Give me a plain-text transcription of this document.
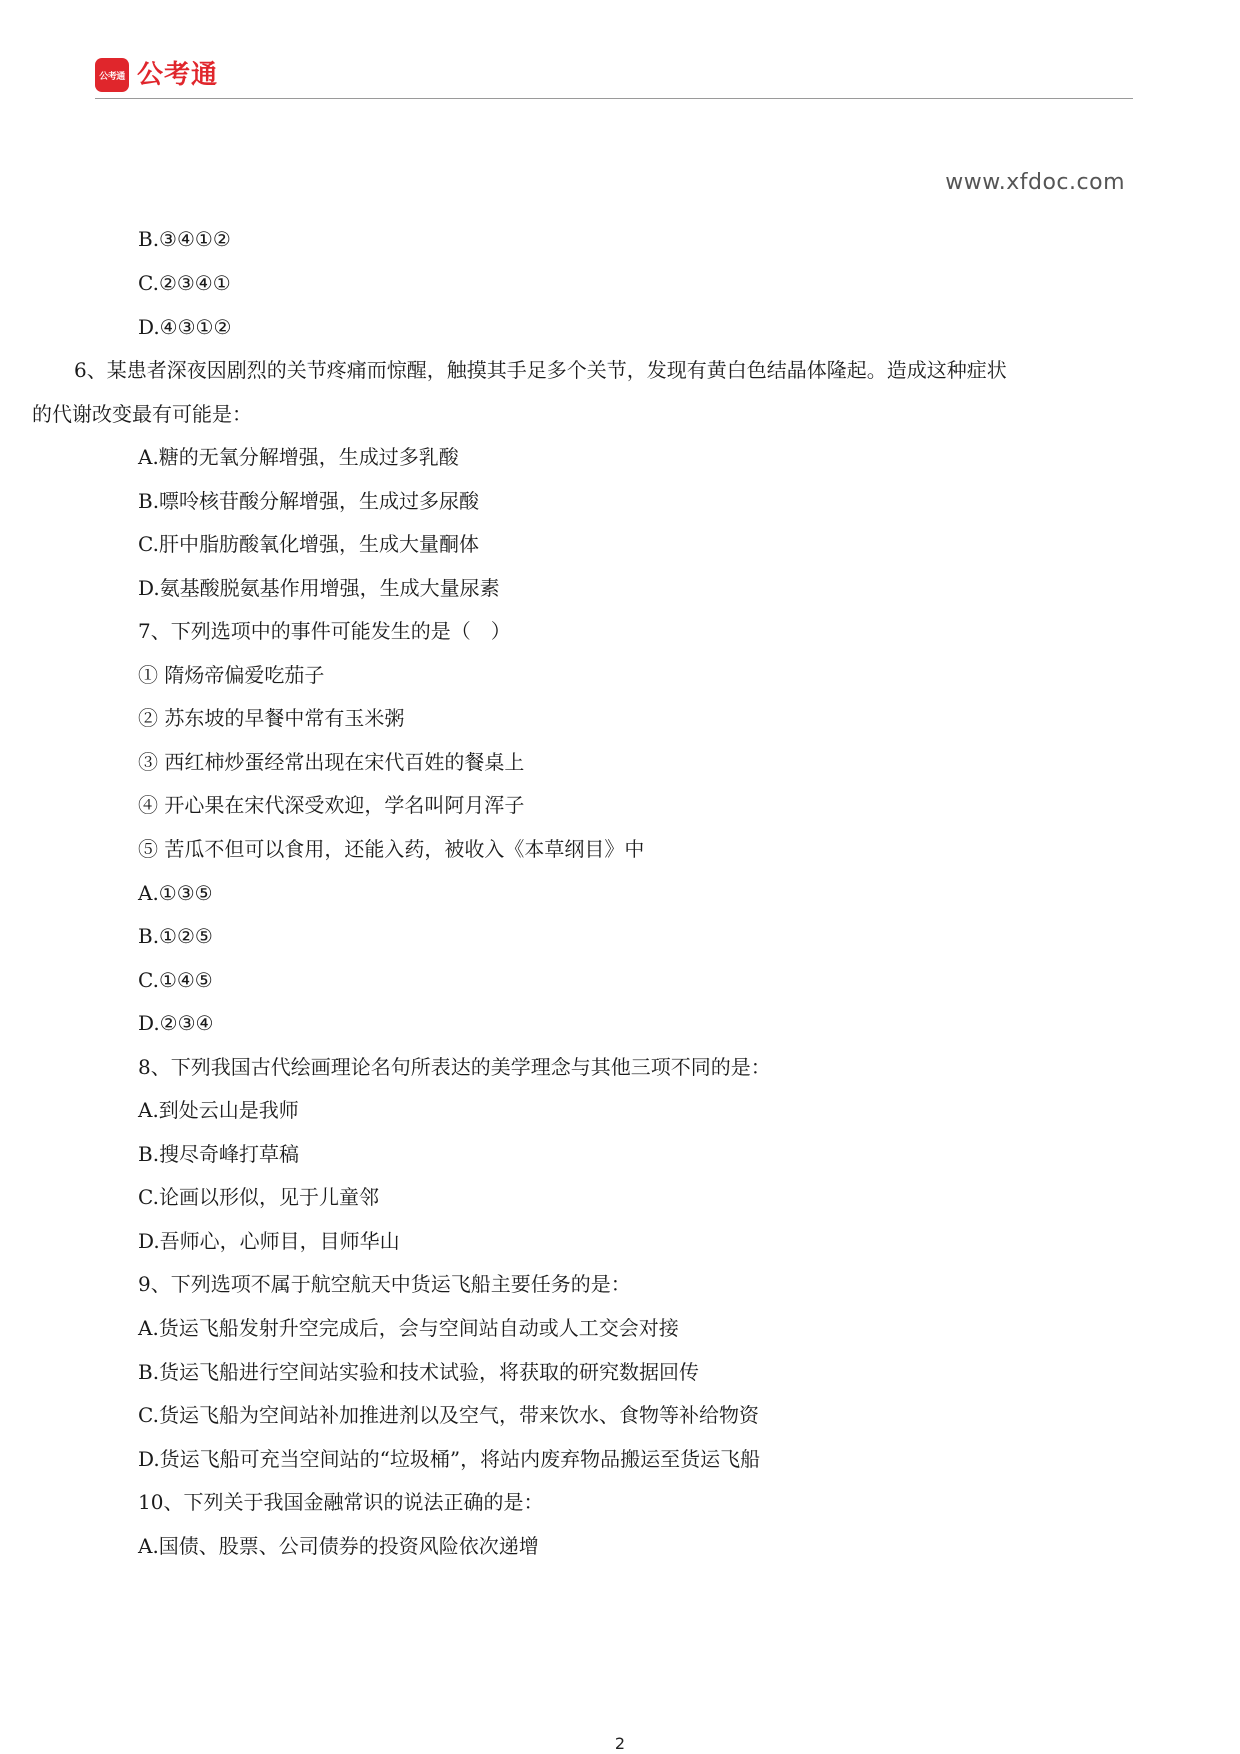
公考通 公考通
www.xfdoc.com
B.③④①②
C.②③④①
D.④③①②
6、某患者深夜因剧烈的关节疼痛而惊醒，触摸其手足多个关节，发现有黄白色结晶体隆起。造成这种症状
的代谢改变最有可能是：
A.糖的无氧分解增强，生成过多乳酸
B.嘌呤核苷酸分解增强，生成过多尿酸
C.肝中脂肪酸氧化增强，生成大量酮体
D.氨基酸脱氨基作用增强，生成大量尿素
7、下列选项中的事件可能发生的是（　）
① 隋炀帝偏爱吃茄子
② 苏东坡的早餐中常有玉米粥
③ 西红柿炒蛋经常出现在宋代百姓的餐桌上
④ 开心果在宋代深受欢迎，学名叫阿月浑子
⑤ 苦瓜不但可以食用，还能入药，被收入《本草纲目》中
A.①③⑤
B.①②⑤
C.①④⑤
D.②③④
8、下列我国古代绘画理论名句所表达的美学理念与其他三项不同的是：
A.到处云山是我师
B.搜尽奇峰打草稿
C.论画以形似，见于儿童邻
D.吾师心，心师目，目师华山
9、下列选项不属于航空航天中货运飞船主要任务的是：
A.货运飞船发射升空完成后，会与空间站自动或人工交会对接
B.货运飞船进行空间站实验和技术试验，将获取的研究数据回传
C.货运飞船为空间站补加推进剂以及空气，带来饮水、食物等补给物资
D.货运飞船可充当空间站的“垃圾桶”，将站内废弃物品搬运至货运飞船
10、下列关于我国金融常识的说法正确的是：
A.国债、股票、公司债券的投资风险依次递增
2
